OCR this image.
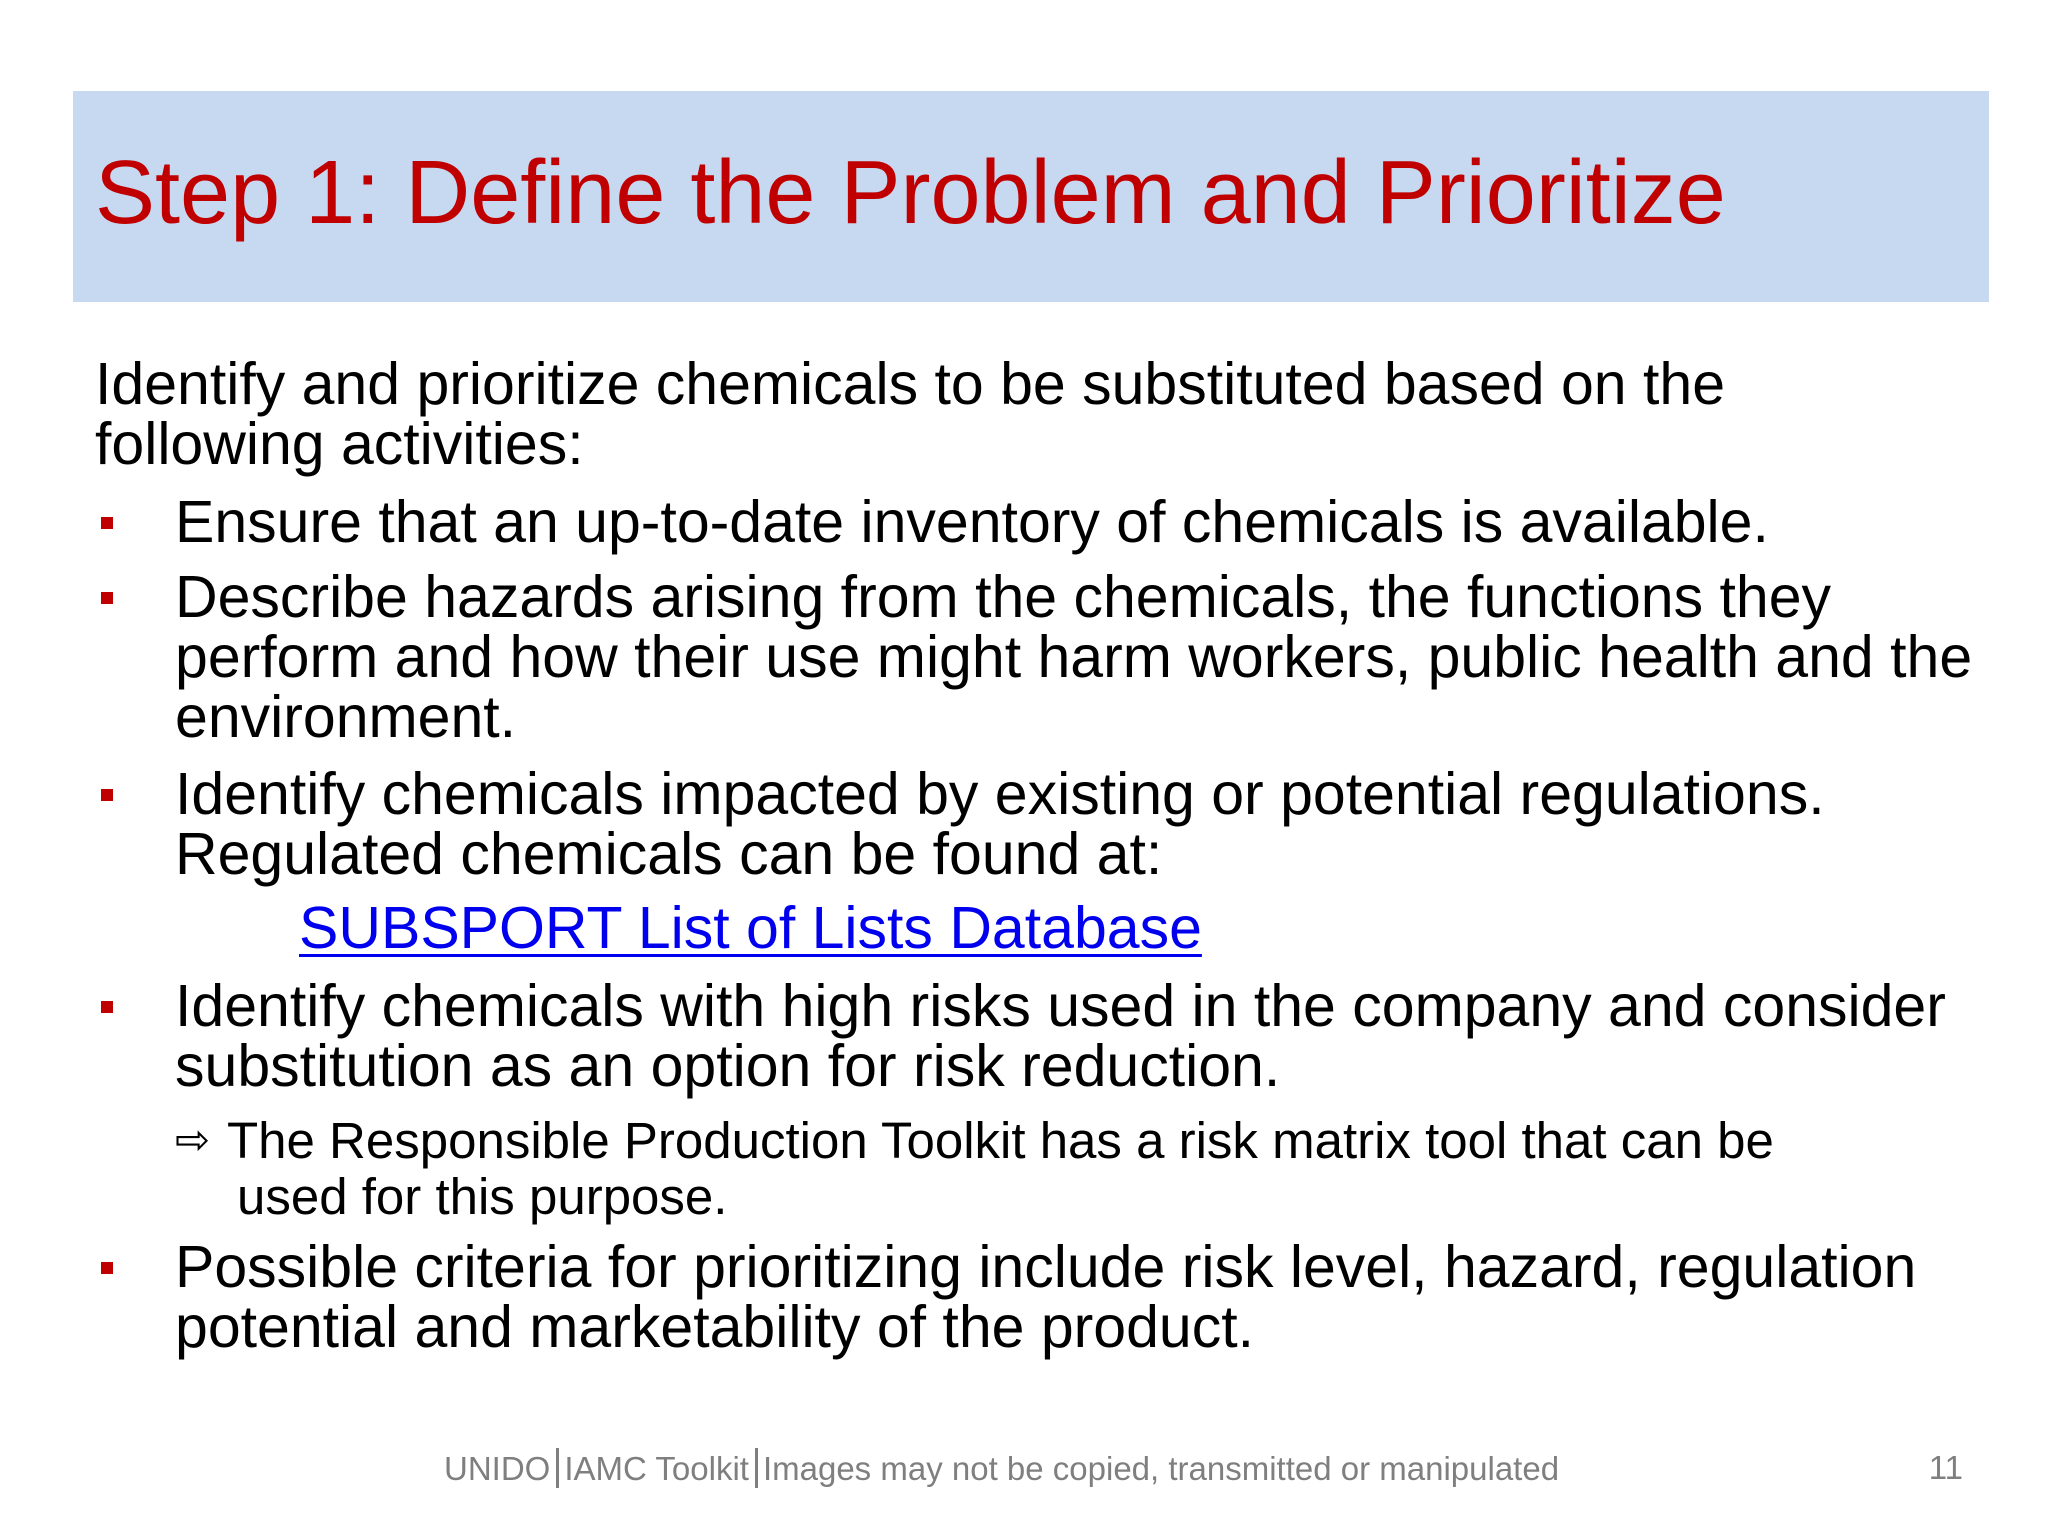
Step 1: Define the Problem and Prioritize

Identify and prioritize chemicals to be substituted based on the following activities:

Ensure that an up-to-date inventory of chemicals is available.
Describe hazards arising from the chemicals, the functions they perform and how their use might harm workers, public health and the environment.
Identify chemicals impacted by existing or potential regulations. Regulated chemicals can be found at:
Identify chemicals with high risks used in the company and consider substitution as an option for risk reduction.
Possible criteria for prioritizing include risk level, hazard, regulation potential and marketability of the product.
SUBSPORT List of Lists Database
⇨ The Responsible Production Toolkit has a risk matrix tool that can be
used for this purpose.
UNIDO IAMC Toolkit Images may not be copied, transmitted or manipulated	11
